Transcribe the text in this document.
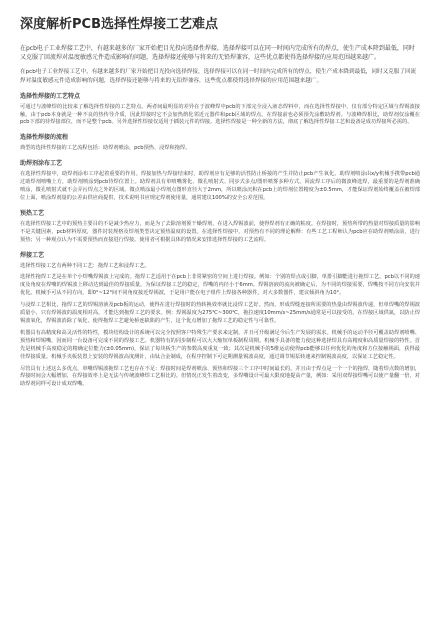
深度解析PCB选择性焊接工艺难点

在pcb电子工业焊接工艺中，有越来越多的厂家开始把目光投向选择性焊接，选择焊接可以在同一时间内完成所有的焊点，使生产成本降到最低，同时又克服了回流焊对温度敏感元件造成影响的问题，选择焊接还能够与将来的无铅焊兼容，这些优点都使得选择焊接的应用范围越来越广。

在pcb电子工业焊接工艺中，有越来越多的厂家开始把目光投向选择焊接，选择焊接可以在同一时间内完成所有的焊点，使生产成本降到最低，同时又克服了回流焊对温度敏感元件造成影响的问题，选择焊接还能够与将来的无铅焊兼容，这些优点都使得选择焊接的应用范围越来越广。

选择性焊接的工艺特点

可通过与波峰焊的比较来了解选择性焊接的工艺特点。两者间最明显的差异在于波峰焊中pcb的下部完全浸入液态焊料中，而在选择性焊接中，仅有部分特定区域与焊锡波接触。由于pcb本身就是一种不良的热传导介质，因此焊接时它不会加热熔化邻近元器件和pcb区域的焊点。在焊接前也必须预先涂敷助焊剂。与波峰焊相比，助焊剂仅涂覆在pcb下部的待焊接部位，而不是整个pcb。另外选择性焊接仅适用于插装元件的焊接。选择性焊接是一种全新的方法，彻底了解选择性焊接工艺和设备是成功焊接所必需的。

选择性焊接的流程

典型的选择性焊接的工艺流程包括：助焊剂喷涂，pcb预热、浸焊和拖焊。

助焊剂涂布工艺

在选择性焊接中，助焊剂涂布工序起着重要的作用。焊接加热与焊接结束时，助焊剂应有足够的活性防止桥接的产生并防止pcb产生氧化。助焊剂喷涂由x/y机械手携带pcb通过助焊剂喷嘴上方，助焊剂喷涂到pcb待焊位置上。助焊剂具有单喷嘴雾化、微孔喷射式、同步式多点/图形喷雾多种方式。回流焊工序后的微波峰选焊，最重要的是焊剂准确喷涂，微孔喷射式就不会弄污焊点之外的区域。微点喷涂最小焊剂点图形直径大于2mm，所以喷涂沉积在pcb上的焊剂位置精度为±0.5mm，才能保证焊剂始终覆盖在被焊部位上面，喷涂焊剂量的公差由供应商提供，技术说明书应规定焊剂使用量，通常建议100%的安全公差范围。

预热工艺

在选择性焊接工艺中的预热主要目的不是减少热应力，而是为了去除溶剂预干燥焊剂，在进入焊锡波前，使得焊剂有正确的粘度。在焊接时，预热所带的热量对焊接质量的影响不是关键因素，pcb材料厚度，器件封装规格及焊剂类型决定预热温度的设置。在选择性焊接中，对预热有不同的理论解释：有些工艺工程师认为pcb应在助焊剂喷涂前，进行预热；另一种观点认为不需要预热而直接进行焊接。使用者可根据具体的情况来安排选择性焊接的工艺流程。

焊接工艺

选择性焊接工艺有两种不同工艺：拖焊工艺和浸焊工艺。

选择性拖焊工艺是在单个小焊嘴焊锡波上完成的。拖焊工艺适用于在pcb上非常紧密的空间上进行焊接。例如：个别的焊点或引脚，单排引脚能进行拖焊工艺。pcb以不同的速度及角度在焊嘴的焊锡波上移动达到最佳的焊接质量。为保证焊接工艺的稳定，焊嘴的内径小于6mm。焊锡溶液的流向被确定后，为不同的焊接需要，焊嘴按不同方向安装并优化。机械手可从不同方向，即0°~12°间不同角度接近焊锡波，于是用户能在电子组件上焊接各种器件，对大多数器件，建议倾斜角为10°。

与浸焊工艺相比，拖焊工艺的焊锡溶液及pcb板的运动，使得在进行焊接时的热转换效率就比浸焊工艺好。然而，形成焊缝连接所需要的热量由焊锡波传递，但单焊嘴的焊锡波质量小，只有焊锡波的温度相对高，才能达到拖焊工艺的要求。例：焊锡温度为275℃~300℃，拖拉速度10mm/s~25mm/s通常是可以接受的。在焊接区域供氮，以防止焊锡波氧化，焊锡波消除了氧化，使得拖焊工艺避免桥连缺陷的产生，这个优点增加了拖焊工艺的稳定性与可靠性。

机器具有高精度和高灵活性的特性，模块结构设计的系统可以完全按照客户特殊生产要求来定制，并且可升级满足今后生产发展的需求。机械手的运动半径可覆盖助焊剂喷嘴、预热和焊锡嘴，因而同一台设备可完成不同的焊接工艺。机器特有的同步制程可以大大缩短单板制程周期。机械手具备的能力使这种选择焊具有高精度和高质量焊接的特性。首先是机械手高度稳定的精确定位能力(±0.05mm)，保证了每块板生产的参数高度重复一致；其次是机械手的5维运动使得pcb能够以任何优化的角度和方位接触锡面，获得最佳焊接质量。机械手夹板装置上安装的焊锡波高度测针，由钛合金制成，在程序控制下可定期测量锡波高度，通过调节锡泵转速来控制锡波高度，以保证工艺稳定性。

尽管具有上述这么多优点，单嘴焊锡波拖焊工艺也存在不足：焊接时间是焊剂喷涂、预热和焊接三个工序中时间最长的。并且由于焊点是一个一个的拖焊，随着焊点数的增加，焊接时间会大幅增加，在焊接效率上是无法与传统波峰焊工艺相比的。但情况正发生着改变，多焊嘴设计可最大限度地提高产量，例如：采用双焊接焊嘴可以使产量翻一倍，对助焊剂同样可设计成双焊嘴。
